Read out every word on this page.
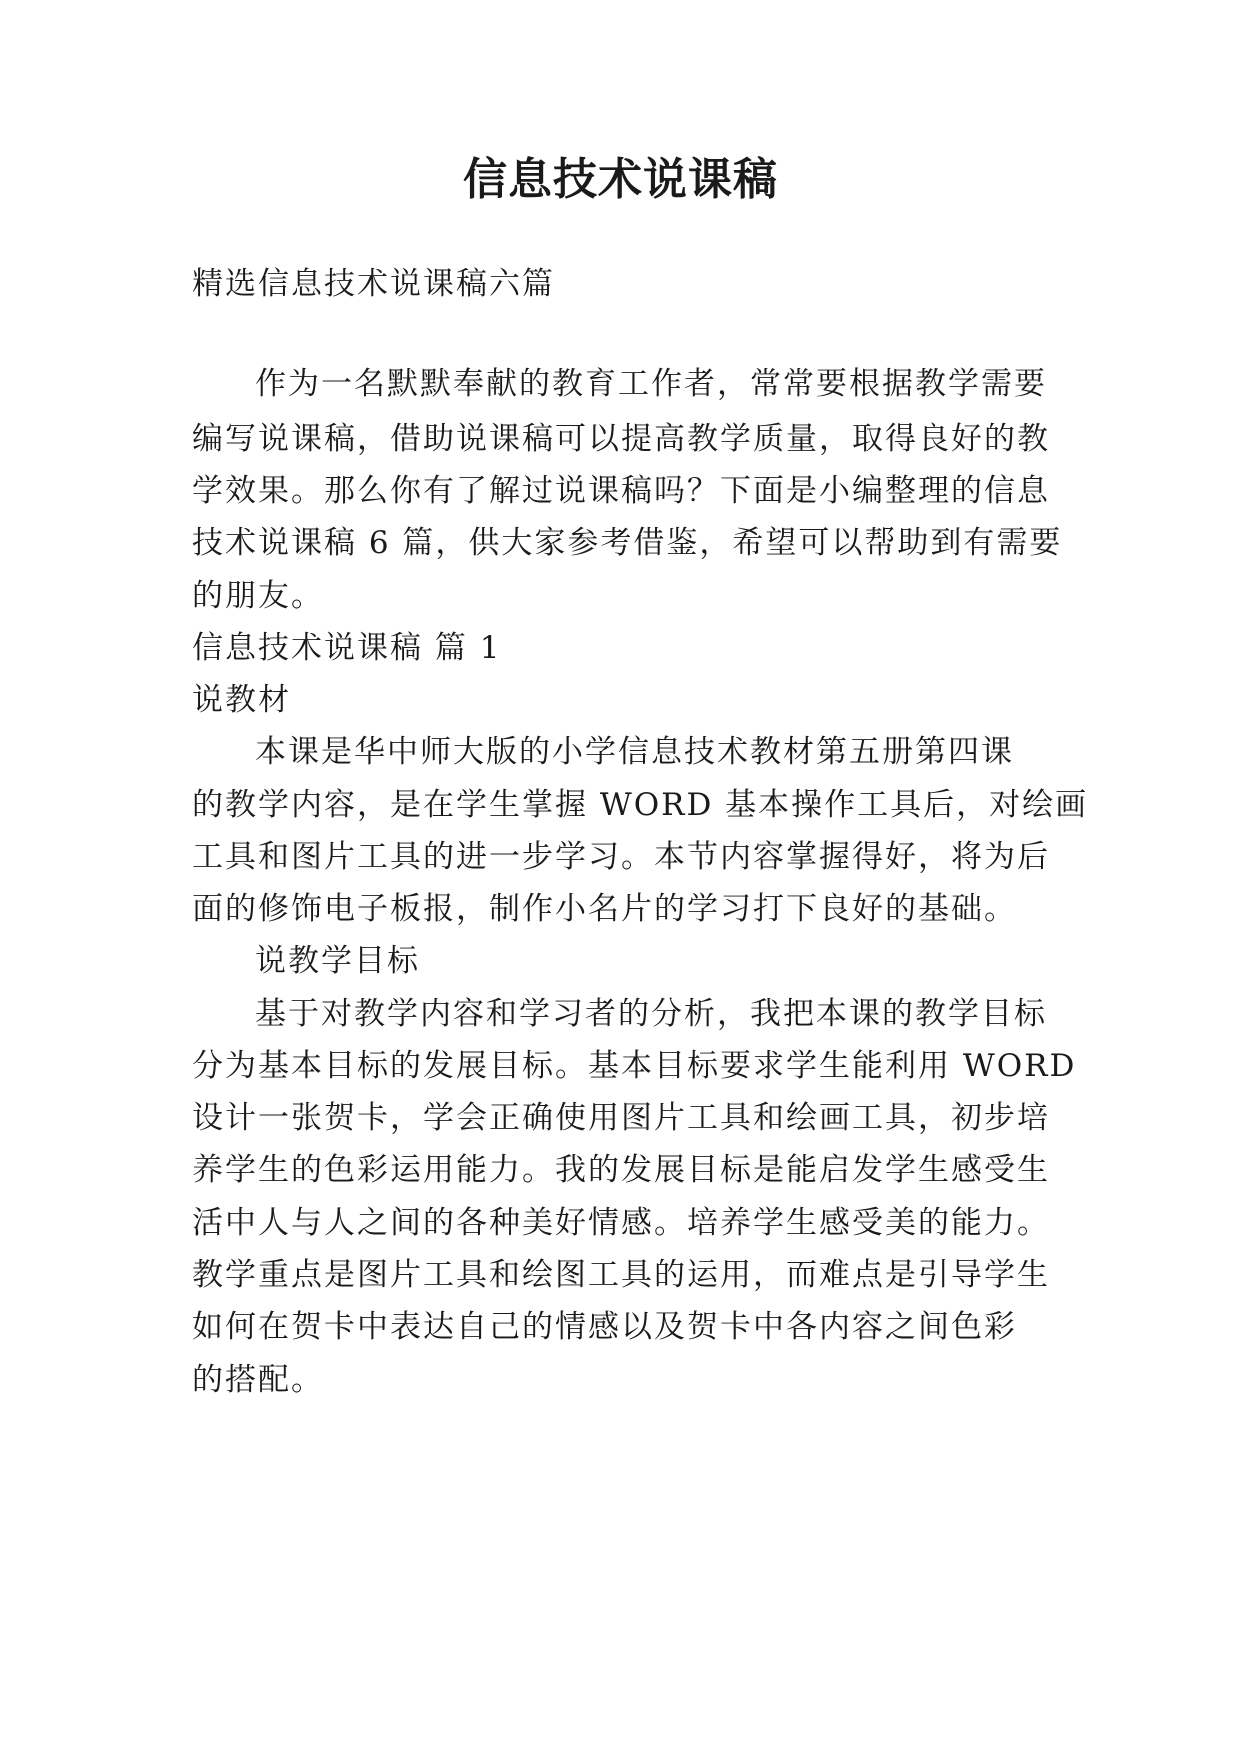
信息技术说课稿
精选信息技术说课稿六篇
作为一名默默奉献的教育工作者，常常要根据教学需要
编写说课稿，借助说课稿可以提高教学质量，取得良好的教
学效果。那么你有了解过说课稿吗？下面是小编整理的信息
技术说课稿 6 篇，供大家参考借鉴，希望可以帮助到有需要
的朋友。
信息技术说课稿 篇 1
说教材
本课是华中师大版的小学信息技术教材第五册第四课
的教学内容，是在学生掌握 WORD 基本操作工具后，对绘画
工具和图片工具的进一步学习。本节内容掌握得好，将为后
面的修饰电子板报，制作小名片的学习打下良好的基础。
说教学目标
基于对教学内容和学习者的分析，我把本课的教学目标
分为基本目标的发展目标。基本目标要求学生能利用 WORD
设计一张贺卡，学会正确使用图片工具和绘画工具，初步培
养学生的色彩运用能力。我的发展目标是能启发学生感受生
活中人与人之间的各种美好情感。培养学生感受美的能力。
教学重点是图片工具和绘图工具的运用，而难点是引导学生
如何在贺卡中表达自己的情感以及贺卡中各内容之间色彩
的搭配。
